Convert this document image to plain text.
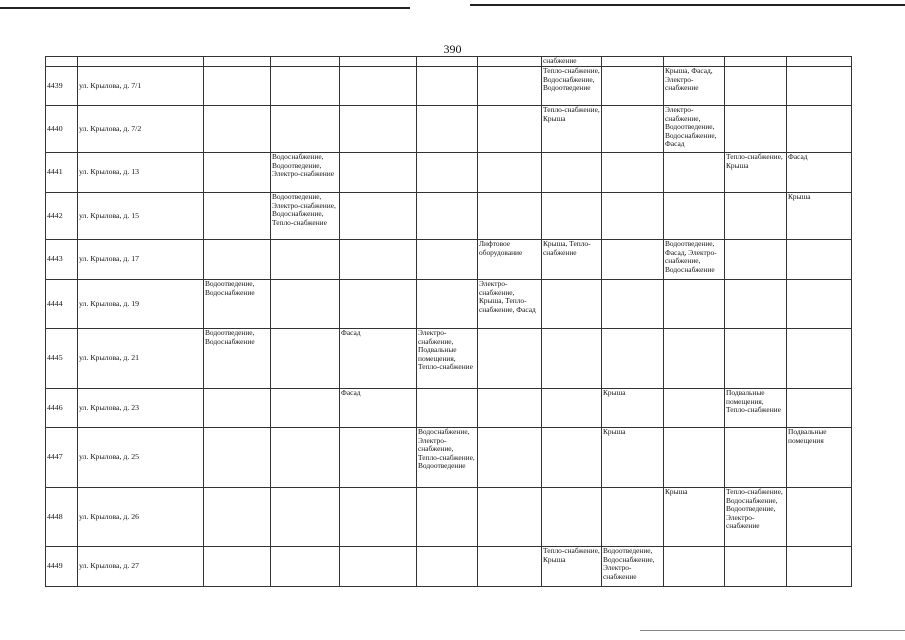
390
							снабжение				
4439	ул. Крылова, д. 7/1						Тепло-снабжение, Водоснабжение, Водоотведение		Крыша, Фасад, Электро-снабжение		
4440	ул. Крылова, д. 7/2						Тепло-снабжение, Крыша		Электро-снабжение, Водоотведение, Водоснабжение, Фасад		
4441	ул. Крылова, д. 13		Водоснабжение, Водоотведение, Электро-снабжение							Тепло-снабжение, Крыша	Фасад
4442	ул. Крылова, д. 15		Водоотведение, Электро-снабжение, Водоснабжение, Тепло-снабжение								Крыша
4443	ул. Крылова, д. 17					Лифтовое оборудование	Крыша, Тепло-снабжение		Водоотведение, Фасад, Электро-снабжение, Водоснабжение		
4444	ул. Крылова, д. 19	Водоотведение, Водоснабжение				Электро-снабжение, Крыша, Тепло-снабжение, Фасад					
4445	ул. Крылова, д. 21	Водоотведение, Водоснабжение		Фасад	Электро-снабжение, Подвальные помещения, Тепло-снабжение						
4446	ул. Крылова, д. 23			Фасад				Крыша		Подвальные помещения, Тепло-снабжение	
4447	ул. Крылова, д. 25				Водоснабжение, Электро-снабжение, Тепло-снабжение, Водоотведение			Крыша			Подвальные помещения
4448	ул. Крылова, д. 26								Крыша	Тепло-снабжение, Водоснабжение, Водоотведение, Электро-снабжение	
4449	ул. Крылова, д. 27						Тепло-снабжение, Крыша	Водоотведение, Водоснабжение, Электро-снабжение			
